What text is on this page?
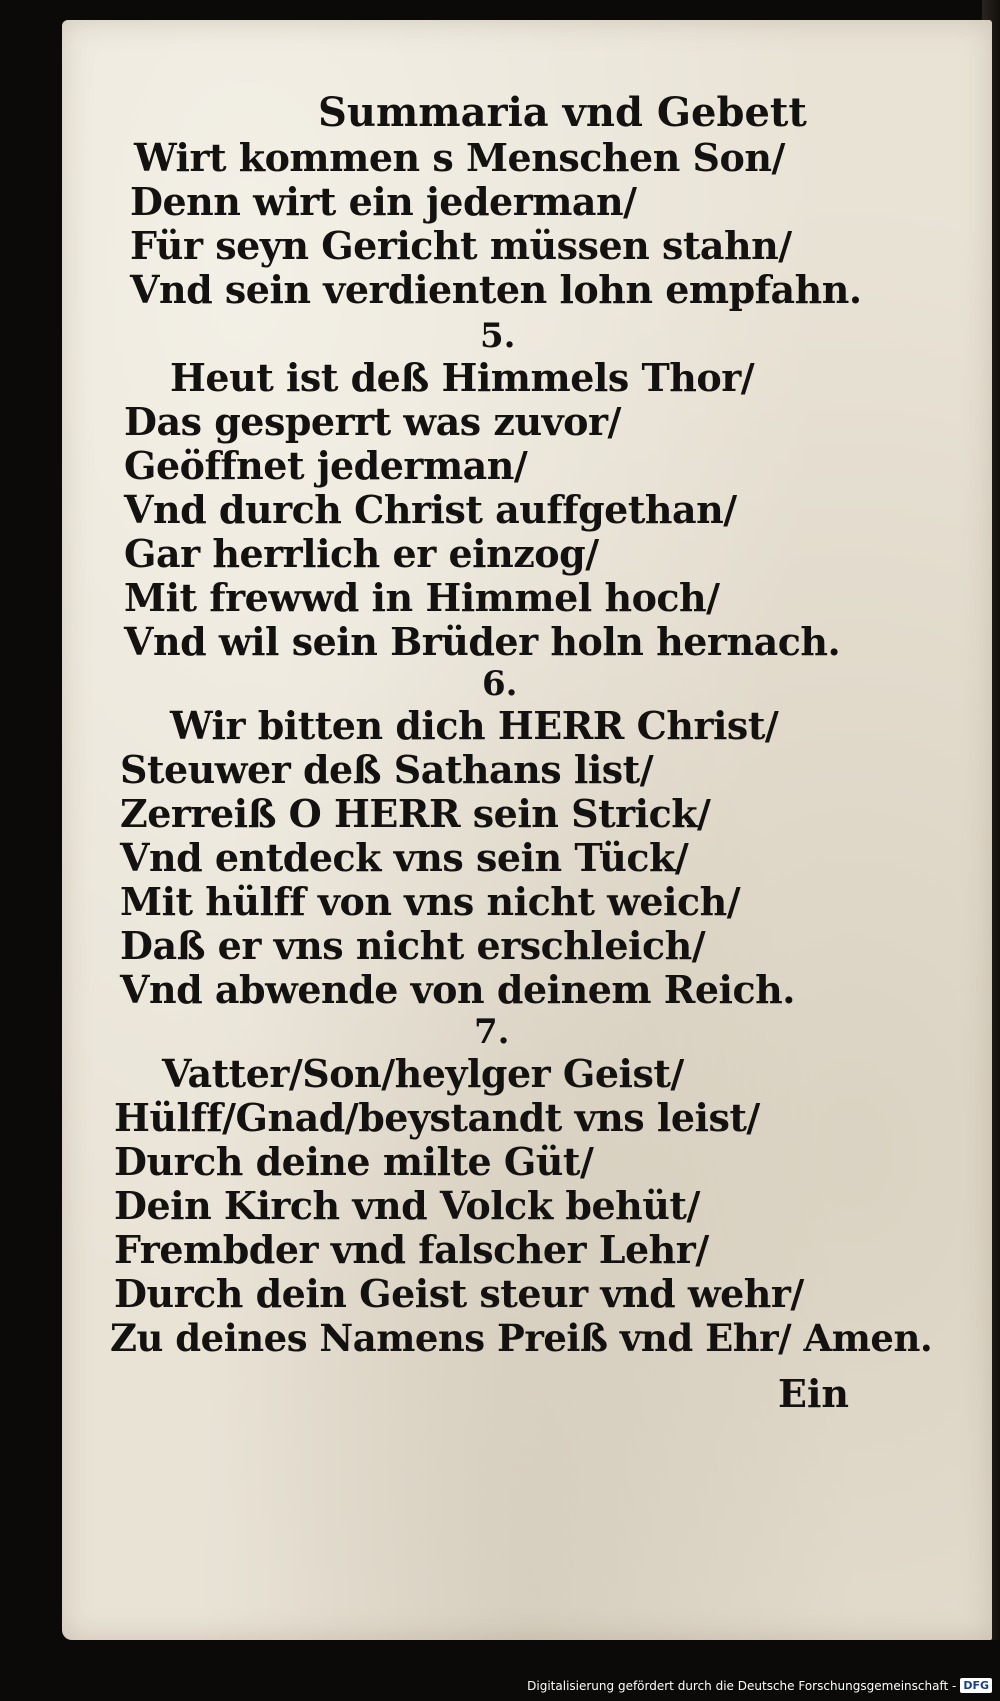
Summaria vnd Gebett
Wirt kommen s Menschen Son/
Denn wirt ein jederman/
Für seyn Gericht müssen stahn/
Vnd sein verdienten lohn empfahn.
5.
Heut ist deß Himmels Thor/
Das gesperrt was zuvor/
Geöffnet jederman/
Vnd durch Christ auffgethan/
Gar herrlich er einzog/
Mit frewwd in Himmel hoch/
Vnd wil sein Brüder holn hernach.
6.
Wir bitten dich HERR Christ/
Steuwer deß Sathans list/
Zerreiß O HERR sein Strick/
Vnd entdeck vns sein Tück/
Mit hülff von vns nicht weich/
Daß er vns nicht erschleich/
Vnd abwende von deinem Reich.
7.
Vatter/Son/heylger Geist/
Hülff/Gnad/beystandt vns leist/
Durch deine milte Güt/
Dein Kirch vnd Volck behüt/
Frembder vnd falscher Lehr/
Durch dein Geist steur vnd wehr/
Zu deines Namens Preiß vnd Ehr/ Amen.
Ein
Digitalisierung gefördert durch die Deutsche Forschungsgemeinschaft - DFG
